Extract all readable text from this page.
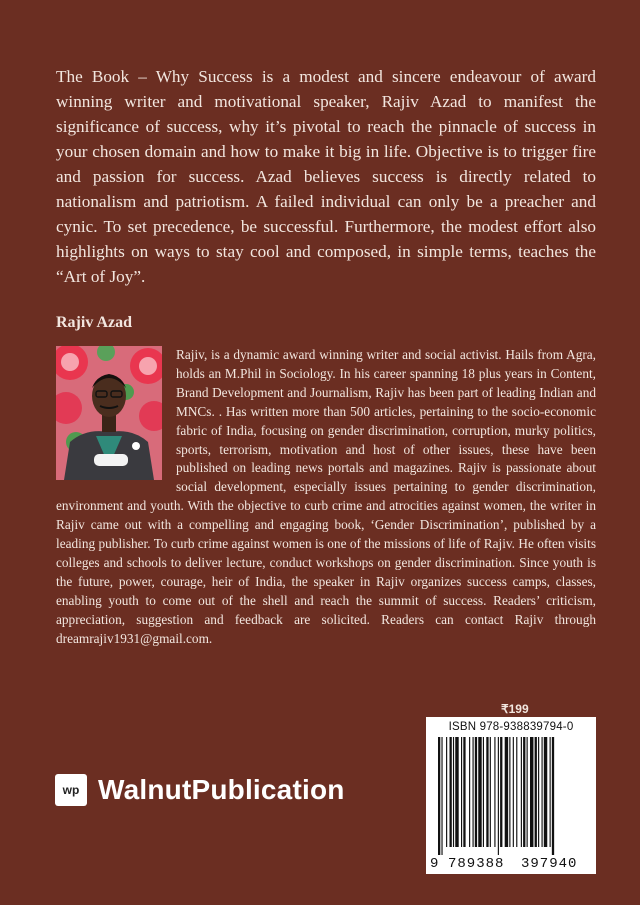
The Book – Why Success is a modest and sincere endeavour of award winning writer and motivational speaker, Rajiv Azad to manifest the significance of success, why it’s pivotal to reach the pinnacle of success in your chosen domain and how to make it big in life. Objective is to trigger fire and passion for success. Azad believes success is directly related to nationalism and patriotism. A failed individual can only be a preacher and cynic. To set precedence, be successful. Furthermore, the modest effort also highlights on ways to stay cool and composed, in simple terms, teaches the “Art of Joy”.

Rajiv Azad

Rajiv, is a dynamic award winning writer and social activist. Hails from Agra, holds an M.Phil in Sociology. In his career spanning 18 plus years in Content, Brand Development and Journalism, Rajiv has been part of leading Indian and MNCs. . Has written more than 500 articles, pertaining to the socio-economic fabric of India, focusing on gender discrimination, corruption, murky politics, sports, terrorism, motivation and host of other issues, these have been published on leading news portals and magazines. Rajiv is passionate about social development, especially issues pertaining to gender discrimination, environment and youth. With the objective to curb crime and atrocities against women, the writer in Rajiv came out with a compelling and engaging book, ‘Gender Discrimination’, published by a leading publisher. To curb crime against women is one of the missions of life of Rajiv. He often visits colleges and schools to deliver lecture, conduct workshops on gender discrimination. Since youth is the future, power, courage, heir of India, the speaker in Rajiv organizes success camps, classes, enabling youth to come out of the shell and reach the summit of success. Readers’ criticism, appreciation, suggestion and feedback are solicited. Readers can contact Rajiv through dreamrajiv1931@gmail.com.

₹199
ISBN 978-938839794-0
9 789388 397940
wp WalnutPublication
